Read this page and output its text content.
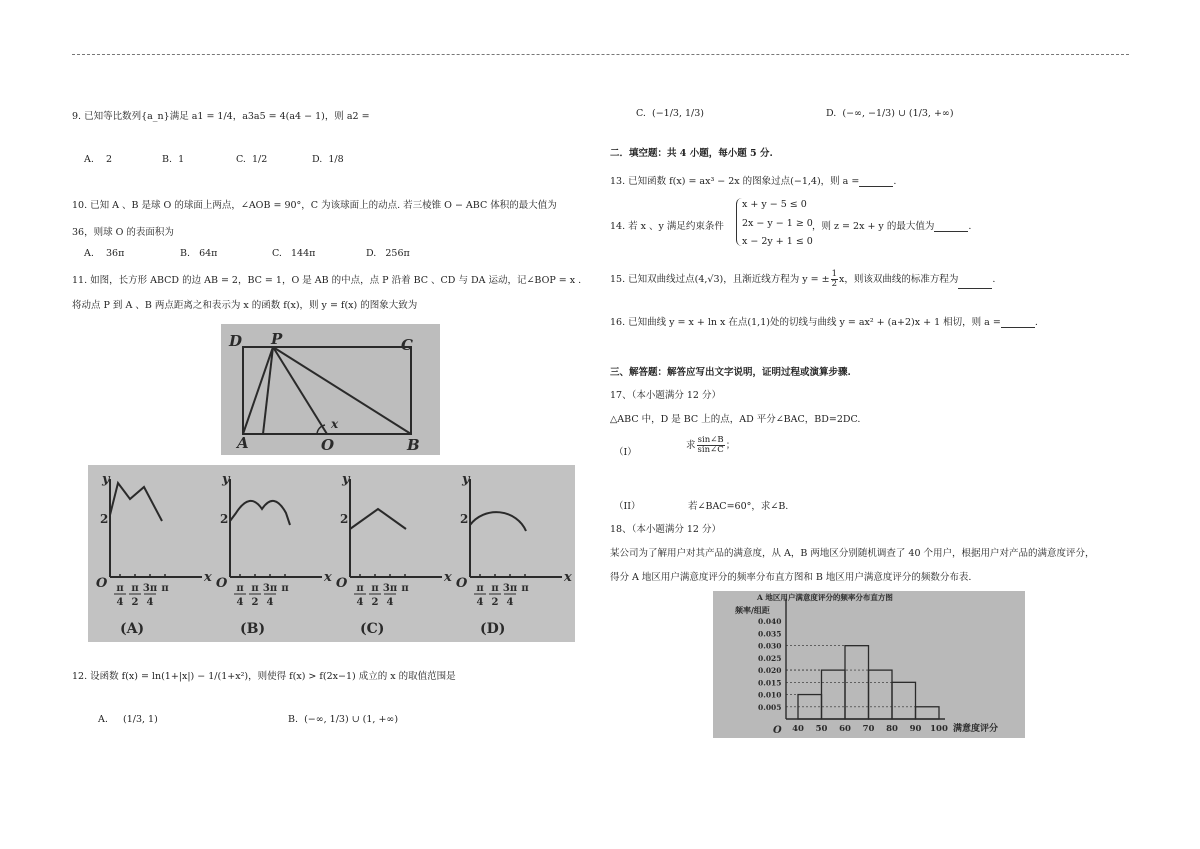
9. 已知等比数列{a_n}满足 a1 = 1/4，a3a5 = 4(a4 − 1)，则 a2 =
A. 2	B. 1	C. 1/2	D. 1/8
10. 已知 A 、B 是球 O 的球面上两点，∠AOB = 90°，C 为该球面上的动点. 若三棱锥 O − ABC 体积的最大值为
36，则球 O 的表面积为
A. 36π	B. 64π	C. 144π	D. 256π
11. 如图，长方形 ABCD 的边 AB = 2，BC = 1，O 是 AB 的中点，点 P 沿着 BC 、CD 与 DA 运动，记∠BOP = x .
将动点 P 到 A 、B 两点距离之和表示为 x 的函数 f(x)，则 y = f(x) 的图象大致为
D P	C
A	O	B
x
y
x
O
2
π
4
π
2
3π
4
π
(A)
y
x
O
2
π
4
π
2
3π
4
π
(B)
y
x
O
2
π
4
π
2
3π
4
π
(C)
y
x
O
2
π
4
π
2
3π
4
π
(D)
12. 设函数 f(x) = ln(1+|x|) − 1/(1+x²)，则使得 f(x) > f(2x−1) 成立的 x 的取值范围是
A. (1/3, 1)	B. (−∞, 1/3) ∪ (1, +∞)
C. (−1/3, 1/3)	D. (−∞, −1/3) ∪ (1/3, +∞)
二．填空题：共 4 小题，每小题 5 分.
13. 已知函数 f(x) = ax³ − 2x 的图象过点(−1,4)，则 a =	.
14. 若 x 、y 满足约束条件
x + y − 5 ≤ 0
2x − y − 1 ≥ 0
x − 2y + 1 ≤ 0
，则 z = 2x + y 的最大值为	.
15. 已知双曲线过点(4,√3)，且渐近线方程为 y = ± $\frac{1}{2}$ x，则该双曲线的标准方程为	.
16. 已知曲线 y = x + ln x 在点(1,1)处的切线与曲线 y = ax² + (a+2)x + 1 相切，则 a =	.
三、解答题：解答应写出文字说明，证明过程或演算步骤.
17、（本小题满分 12 分）
△ABC 中，D 是 BC 上的点，AD 平分∠BAC，BD=2DC.
（I）
求 $\frac{\sin\angle B}{\sin\angle C}$ ；
（II）	若∠BAC=60°，求∠B.
18、（本小题满分 12 分）
某公司为了解用户对其产品的满意度，从 A，B 两地区分别随机调查了 40 个用户，根据用户对产品的满意度评分，
得分 A 地区用户满意度评分的频率分布直方图和 B 地区用户满意度评分的频数分布表.
A 地区用户满意度评分的频率分布直方图
频率/组距
O
0.040
0.035
0.030
0.025
0.020
0.015
0.010
0.005
40 50 60 70 80 90 100 满意度评分
